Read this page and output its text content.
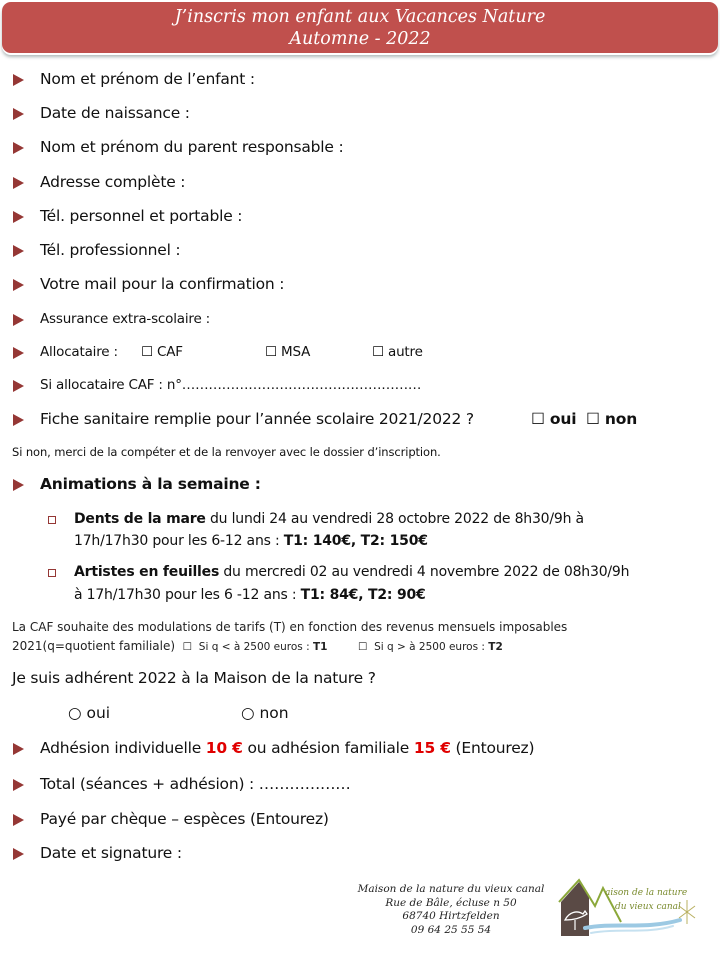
J’inscris mon enfant aux Vacances Nature
Automne - 2022
Nom et prénom de l’enfant :
Date de naissance :
Nom et prénom du parent responsable :
Adresse complète :
Tél. personnel et portable :
Tél. professionnel :
Votre mail pour la confirmation :
Assurance extra-scolaire :
Allocataire : ☐ CAF	☐ MSA	☐ autre
Si allocataire CAF : n°………………………………………………
Fiche sanitaire remplie pour l’année scolaire 2021/2022 ?	☐ oui ☐ non
Si non, merci de la compéter et de la renvoyer avec le dossier d’inscription.
Animations à la semaine :
Dents de la mare du lundi 24 au vendredi 28 octobre 2022 de 8h30/9h à
17h/17h30 pour les 6-12 ans : T1: 140€, T2: 150€
Artistes en feuilles du mercredi 02 au vendredi 4 novembre 2022 de 08h30/9h
à 17h/17h30 pour les 6 -12 ans : T1: 84€, T2: 90€
La CAF souhaite des modulations de tarifs (T) en fonction des revenus mensuels imposables
2021(q=quotient familiale) ☐ Si q < à 2500 euros : T1	☐ Si q > à 2500 euros : T2
Je suis adhérent 2022 à la Maison de la nature ?
○ oui	○ non
Adhésion individuelle 10 € ou adhésion familiale 15 € (Entourez)
Total (séances + adhésion) : ………………
Payé par chèque – espèces (Entourez)
Date et signature :
Maison de la nature du vieux canal
Rue de Bâle, écluse n 50
68740 Hirtzfelden
09 64 25 55 54
aison de la nature
du vieux canal
